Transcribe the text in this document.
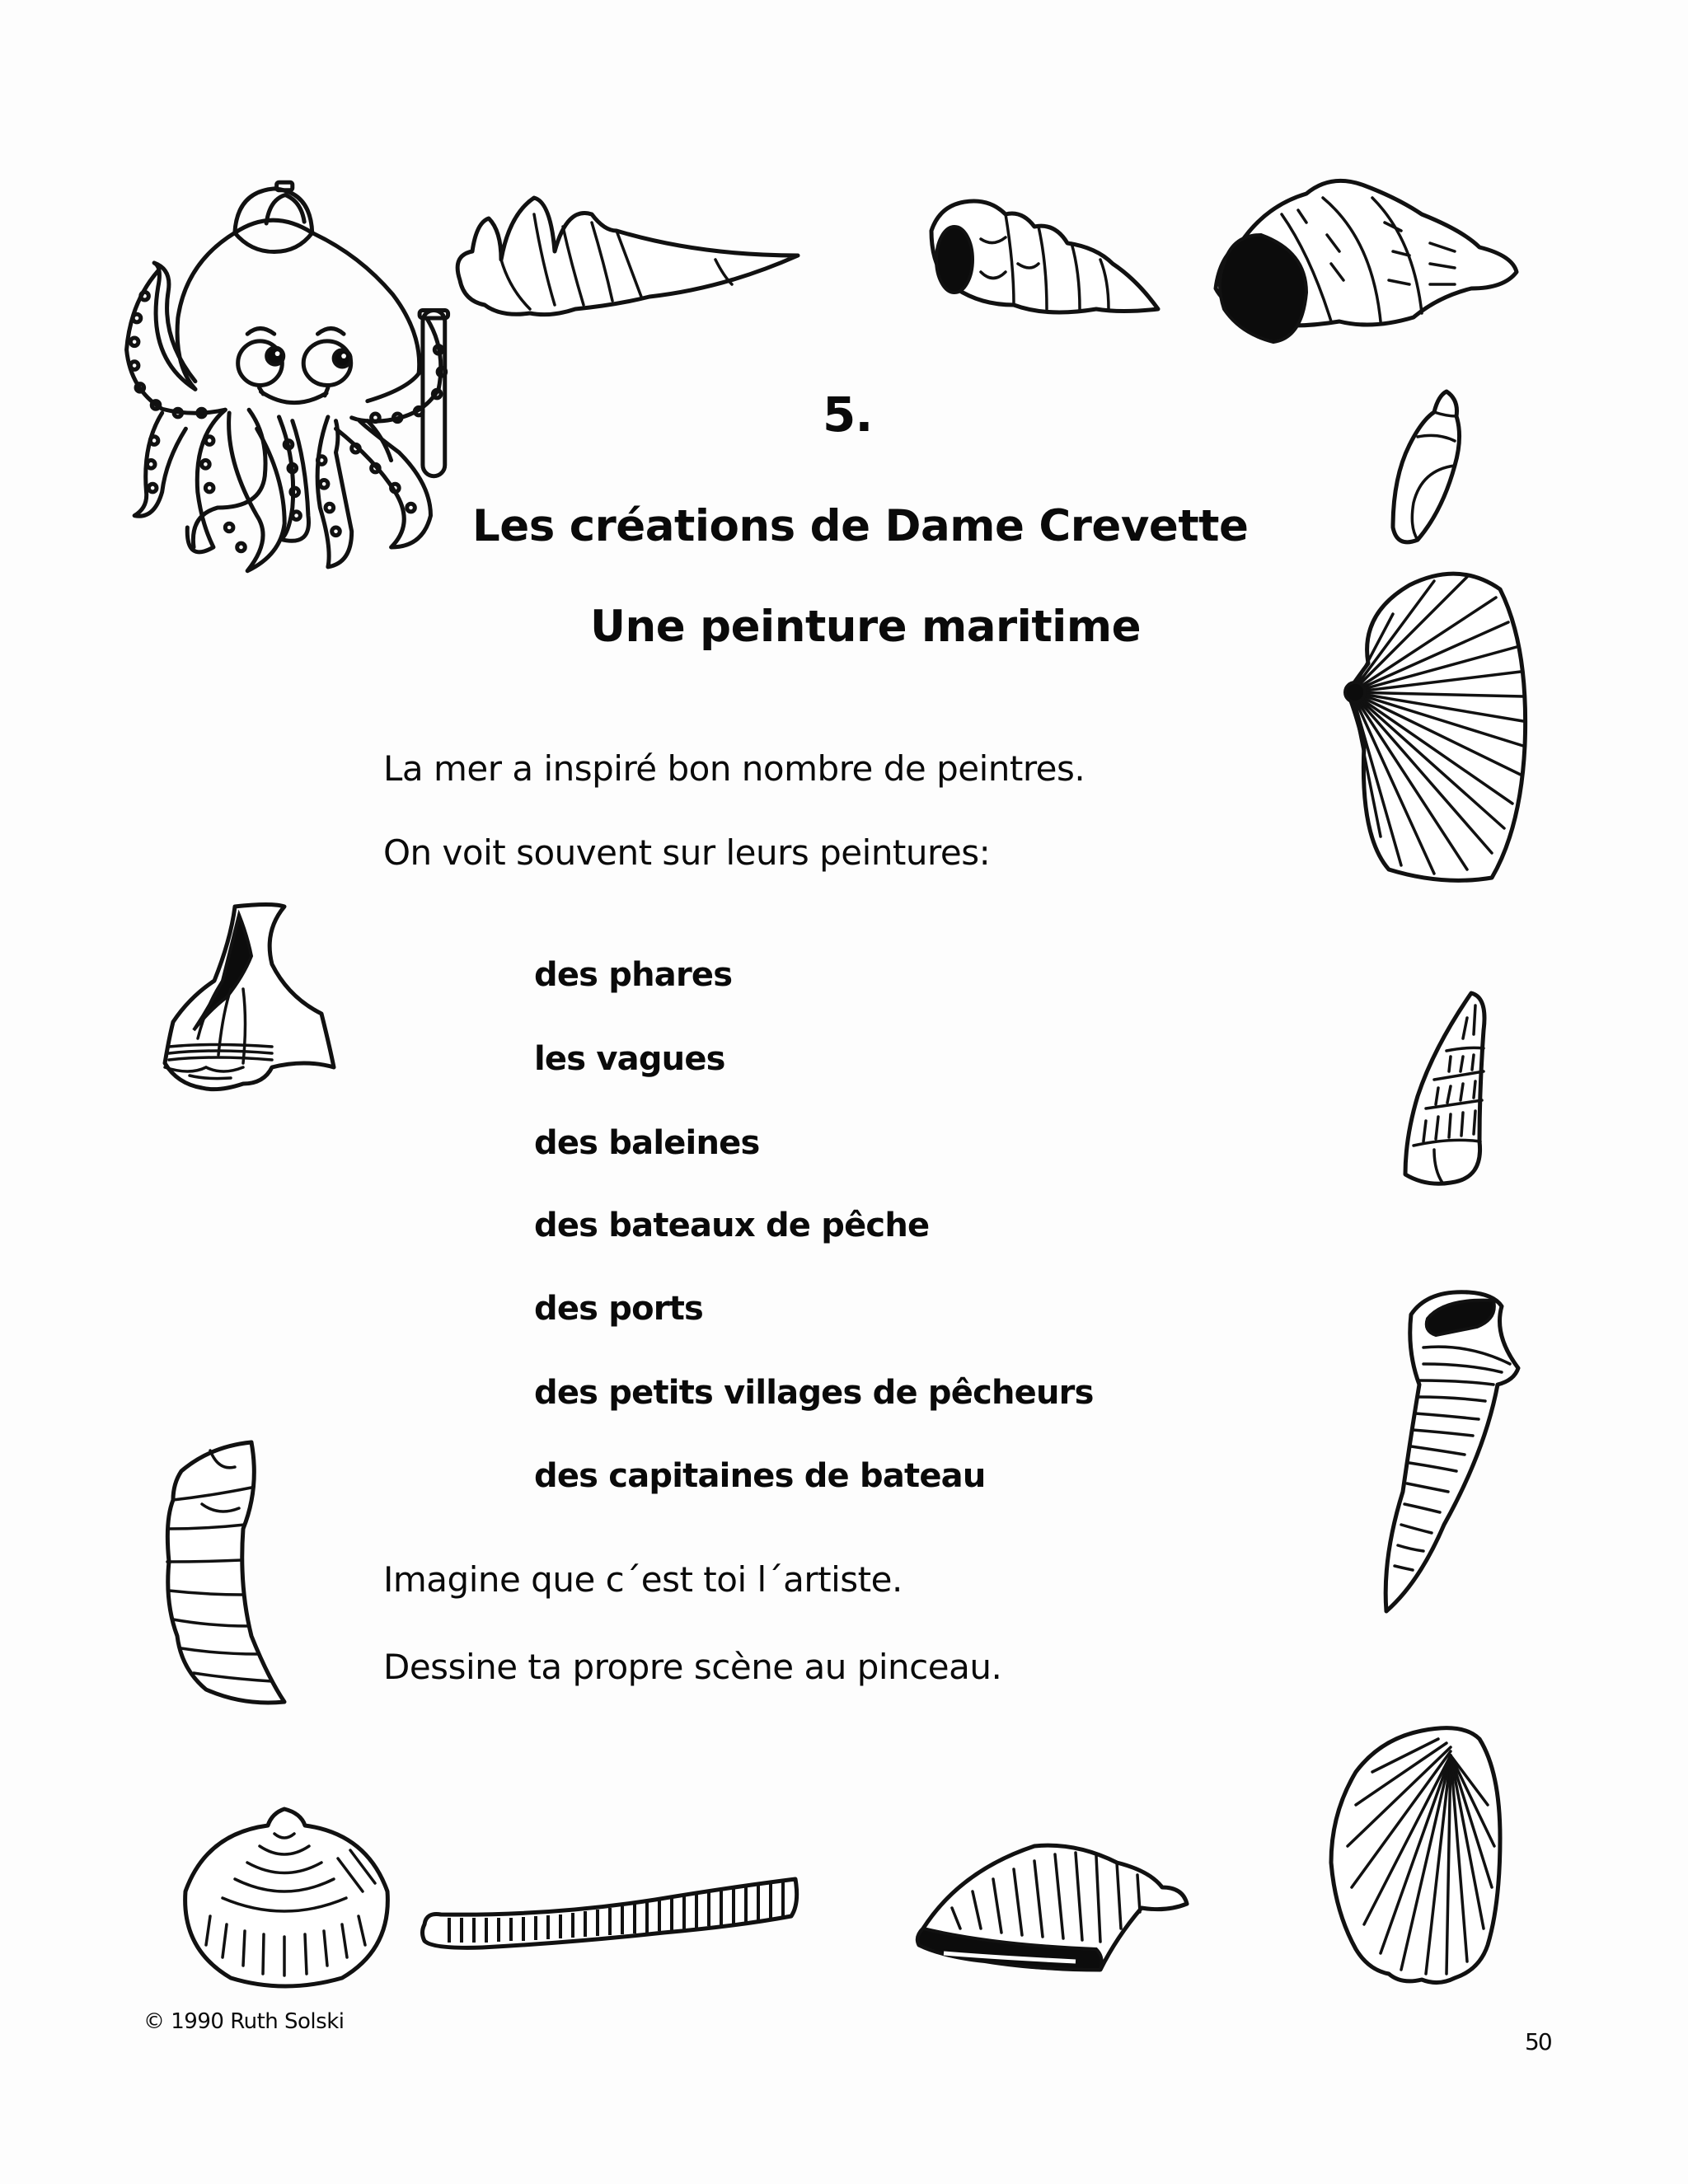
5.
Les créations de Dame Crevette
Une peinture maritime
La mer a inspiré bon nombre de peintres.
On voit souvent sur leurs peintures:
des phares
les vagues
des baleines
des bateaux de pêche
des ports
des petits villages de pêcheurs
des capitaines de bateau
Imagine que c´est toi l´artiste.
Dessine ta propre scène au pinceau.
© 1990 Ruth Solski
50
